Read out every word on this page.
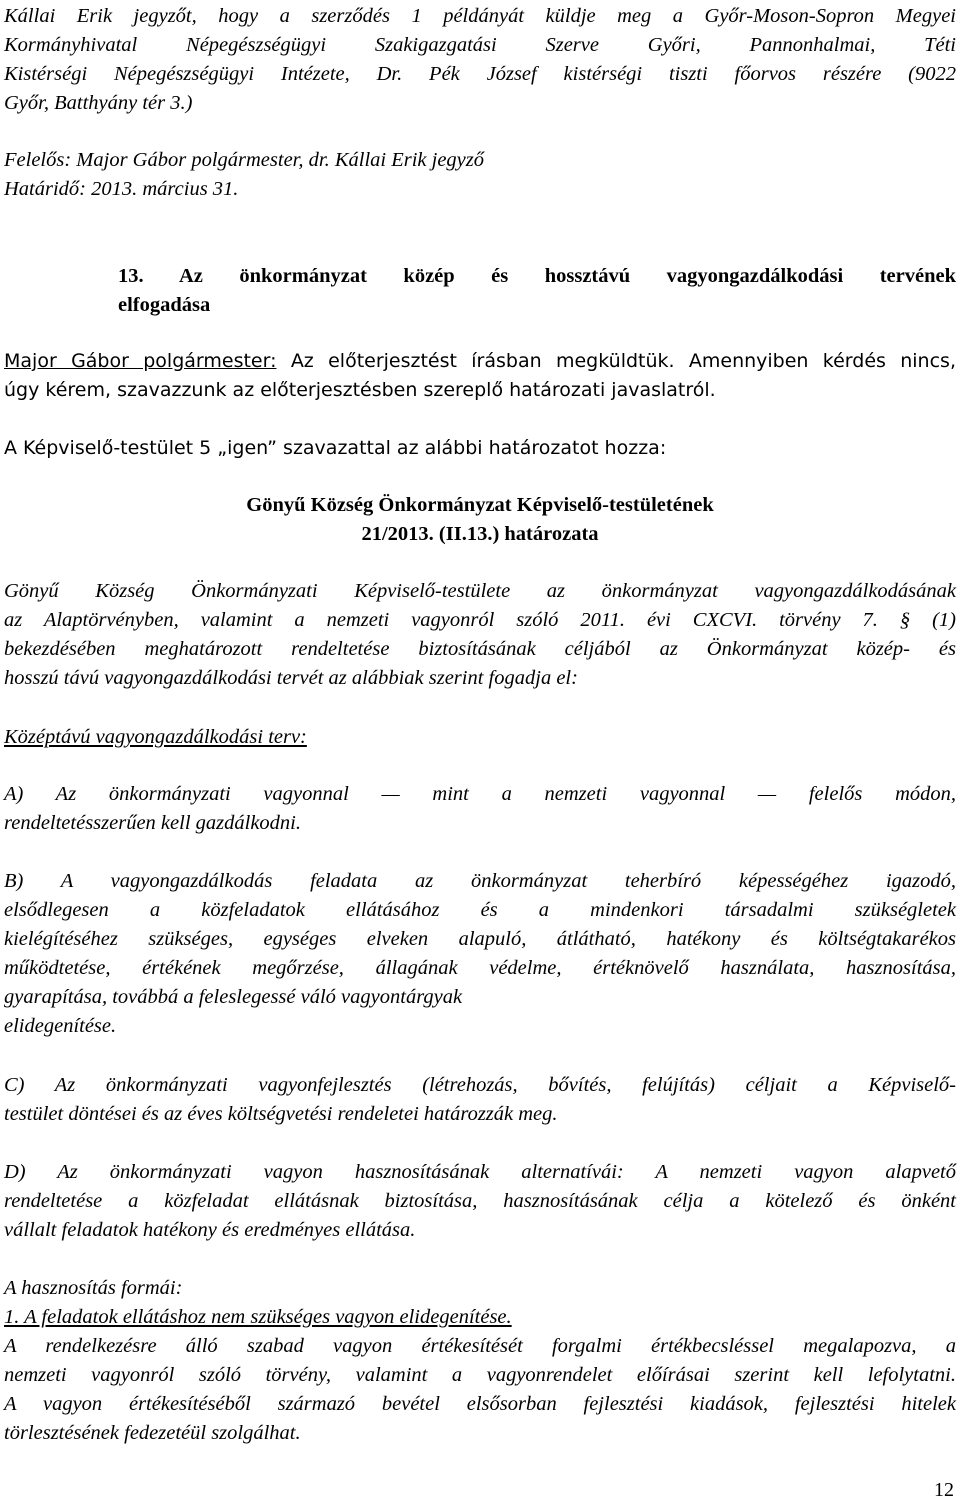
Kállai Erik jegyzőt, hogy a szerződés 1 példányát küldje meg a Győr-Moson-Sopron Megyei
Kormányhivatal Népegészségügyi Szakigazgatási Szerve Győri, Pannonhalmai, Téti
Kistérségi Népegészségügyi Intézete, Dr. Pék József kistérségi tiszti főorvos részére (9022
Győr, Batthyány tér 3.)
Felelős: Major Gábor polgármester, dr. Kállai Erik jegyző
Határidő: 2013. március 31.
13. Az önkormányzat közép és hossztávú vagyongazdálkodási tervének
elfogadása
Major Gábor polgármester: Az előterjesztést írásban megküldtük. Amennyiben kérdés nincs,
úgy kérem, szavazzunk az előterjesztésben szereplő határozati javaslatról.
A Képviselő-testület 5 „igen” szavazattal az alábbi határozatot hozza:
Gönyű Község Önkormányzat Képviselő-testületének
21/2013. (II.13.) határozata
Gönyű Község Önkormányzati Képviselő-testülete az önkormányzat vagyongazdálkodásának
az Alaptörvényben, valamint a nemzeti vagyonról szóló 2011. évi CXCVI. törvény 7. § (1)
bekezdésében meghatározott rendeltetése biztosításának céljából az Önkormányzat közép- és
hosszú távú vagyongazdálkodási tervét az alábbiak szerint fogadja el:
Középtávú vagyongazdálkodási terv:
A) Az önkormányzati vagyonnal — mint a nemzeti vagyonnal — felelős módon,
rendeltetésszerűen kell gazdálkodni.
B) A vagyongazdálkodás feladata az önkormányzat teherbíró képességéhez igazodó,
elsődlegesen a közfeladatok ellátásához és a mindenkori társadalmi szükségletek
kielégítéséhez szükséges, egységes elveken alapuló, átlátható, hatékony és költségtakarékos
működtetése, értékének megőrzése, állagának védelme, értéknövelő használata, hasznosítása,
gyarapítása, továbbá a feleslegessé váló vagyontárgyak
elidegenítése.
C) Az önkormányzati vagyonfejlesztés (létrehozás, bővítés, felújítás) céljait a Képviselő-
testület döntései és az éves költségvetési rendeletei határozzák meg.
D) Az önkormányzati vagyon hasznosításának alternatívái: A nemzeti vagyon alapvető
rendeltetése a közfeladat ellátásnak biztosítása, hasznosításának célja a kötelező és önként
vállalt feladatok hatékony és eredményes ellátása.
A hasznosítás formái:
1. A feladatok ellátáshoz nem szükséges vagyon elidegenítése.
A rendelkezésre álló szabad vagyon értékesítését forgalmi értékbecsléssel megalapozva, a
nemzeti vagyonról szóló törvény, valamint a vagyonrendelet előírásai szerint kell lefolytatni.
A vagyon értékesítéséből származó bevétel elsősorban fejlesztési kiadások, fejlesztési hitelek
törlesztésének fedezetéül szolgálhat.
12
